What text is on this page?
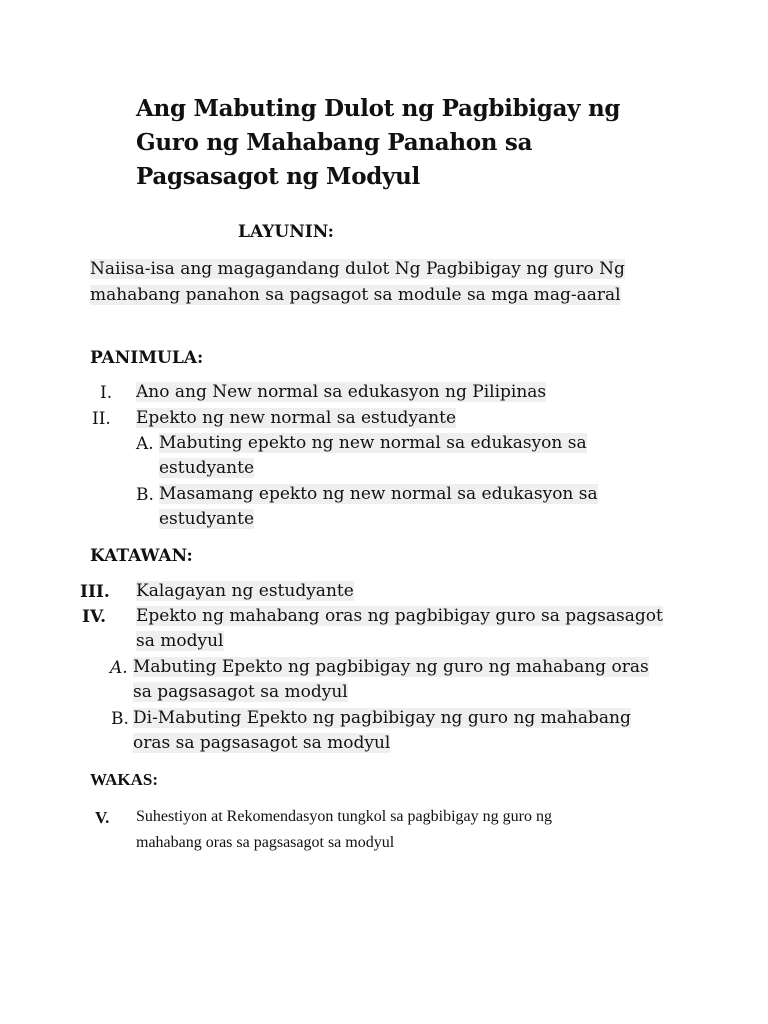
Ang Mabuting Dulot ng Pagbibigay ng
Guro ng Mahabang Panahon sa
Pagsasagot ng Modyul
LAYUNIN:
Naiisa-isa ang magagandang dulot Ng Pagbibigay ng guro Ng
mahabang panahon sa pagsagot sa module sa mga mag-aaral
PANIMULA:
I. Ano ang New normal sa edukasyon ng Pilipinas
II. Epekto ng new normal sa estudyante
A. Mabuting epekto ng new normal sa edukasyon sa
estudyante
B. Masamang epekto ng new normal sa edukasyon sa
estudyante
KATAWAN:
III. Kalagayan ng estudyante
IV. Epekto ng mahabang oras ng pagbibigay guro sa pagsasagot
sa modyul
A. Mabuting Epekto ng pagbibigay ng guro ng mahabang oras
sa pagsasagot sa modyul
B. Di-Mabuting Epekto ng pagbibigay ng guro ng mahabang
oras sa pagsasagot sa modyul
WAKAS:
V. Suhestiyon at Rekomendasyon tungkol sa pagbibigay ng guro ng
mahabang oras sa pagsasagot sa modyul
